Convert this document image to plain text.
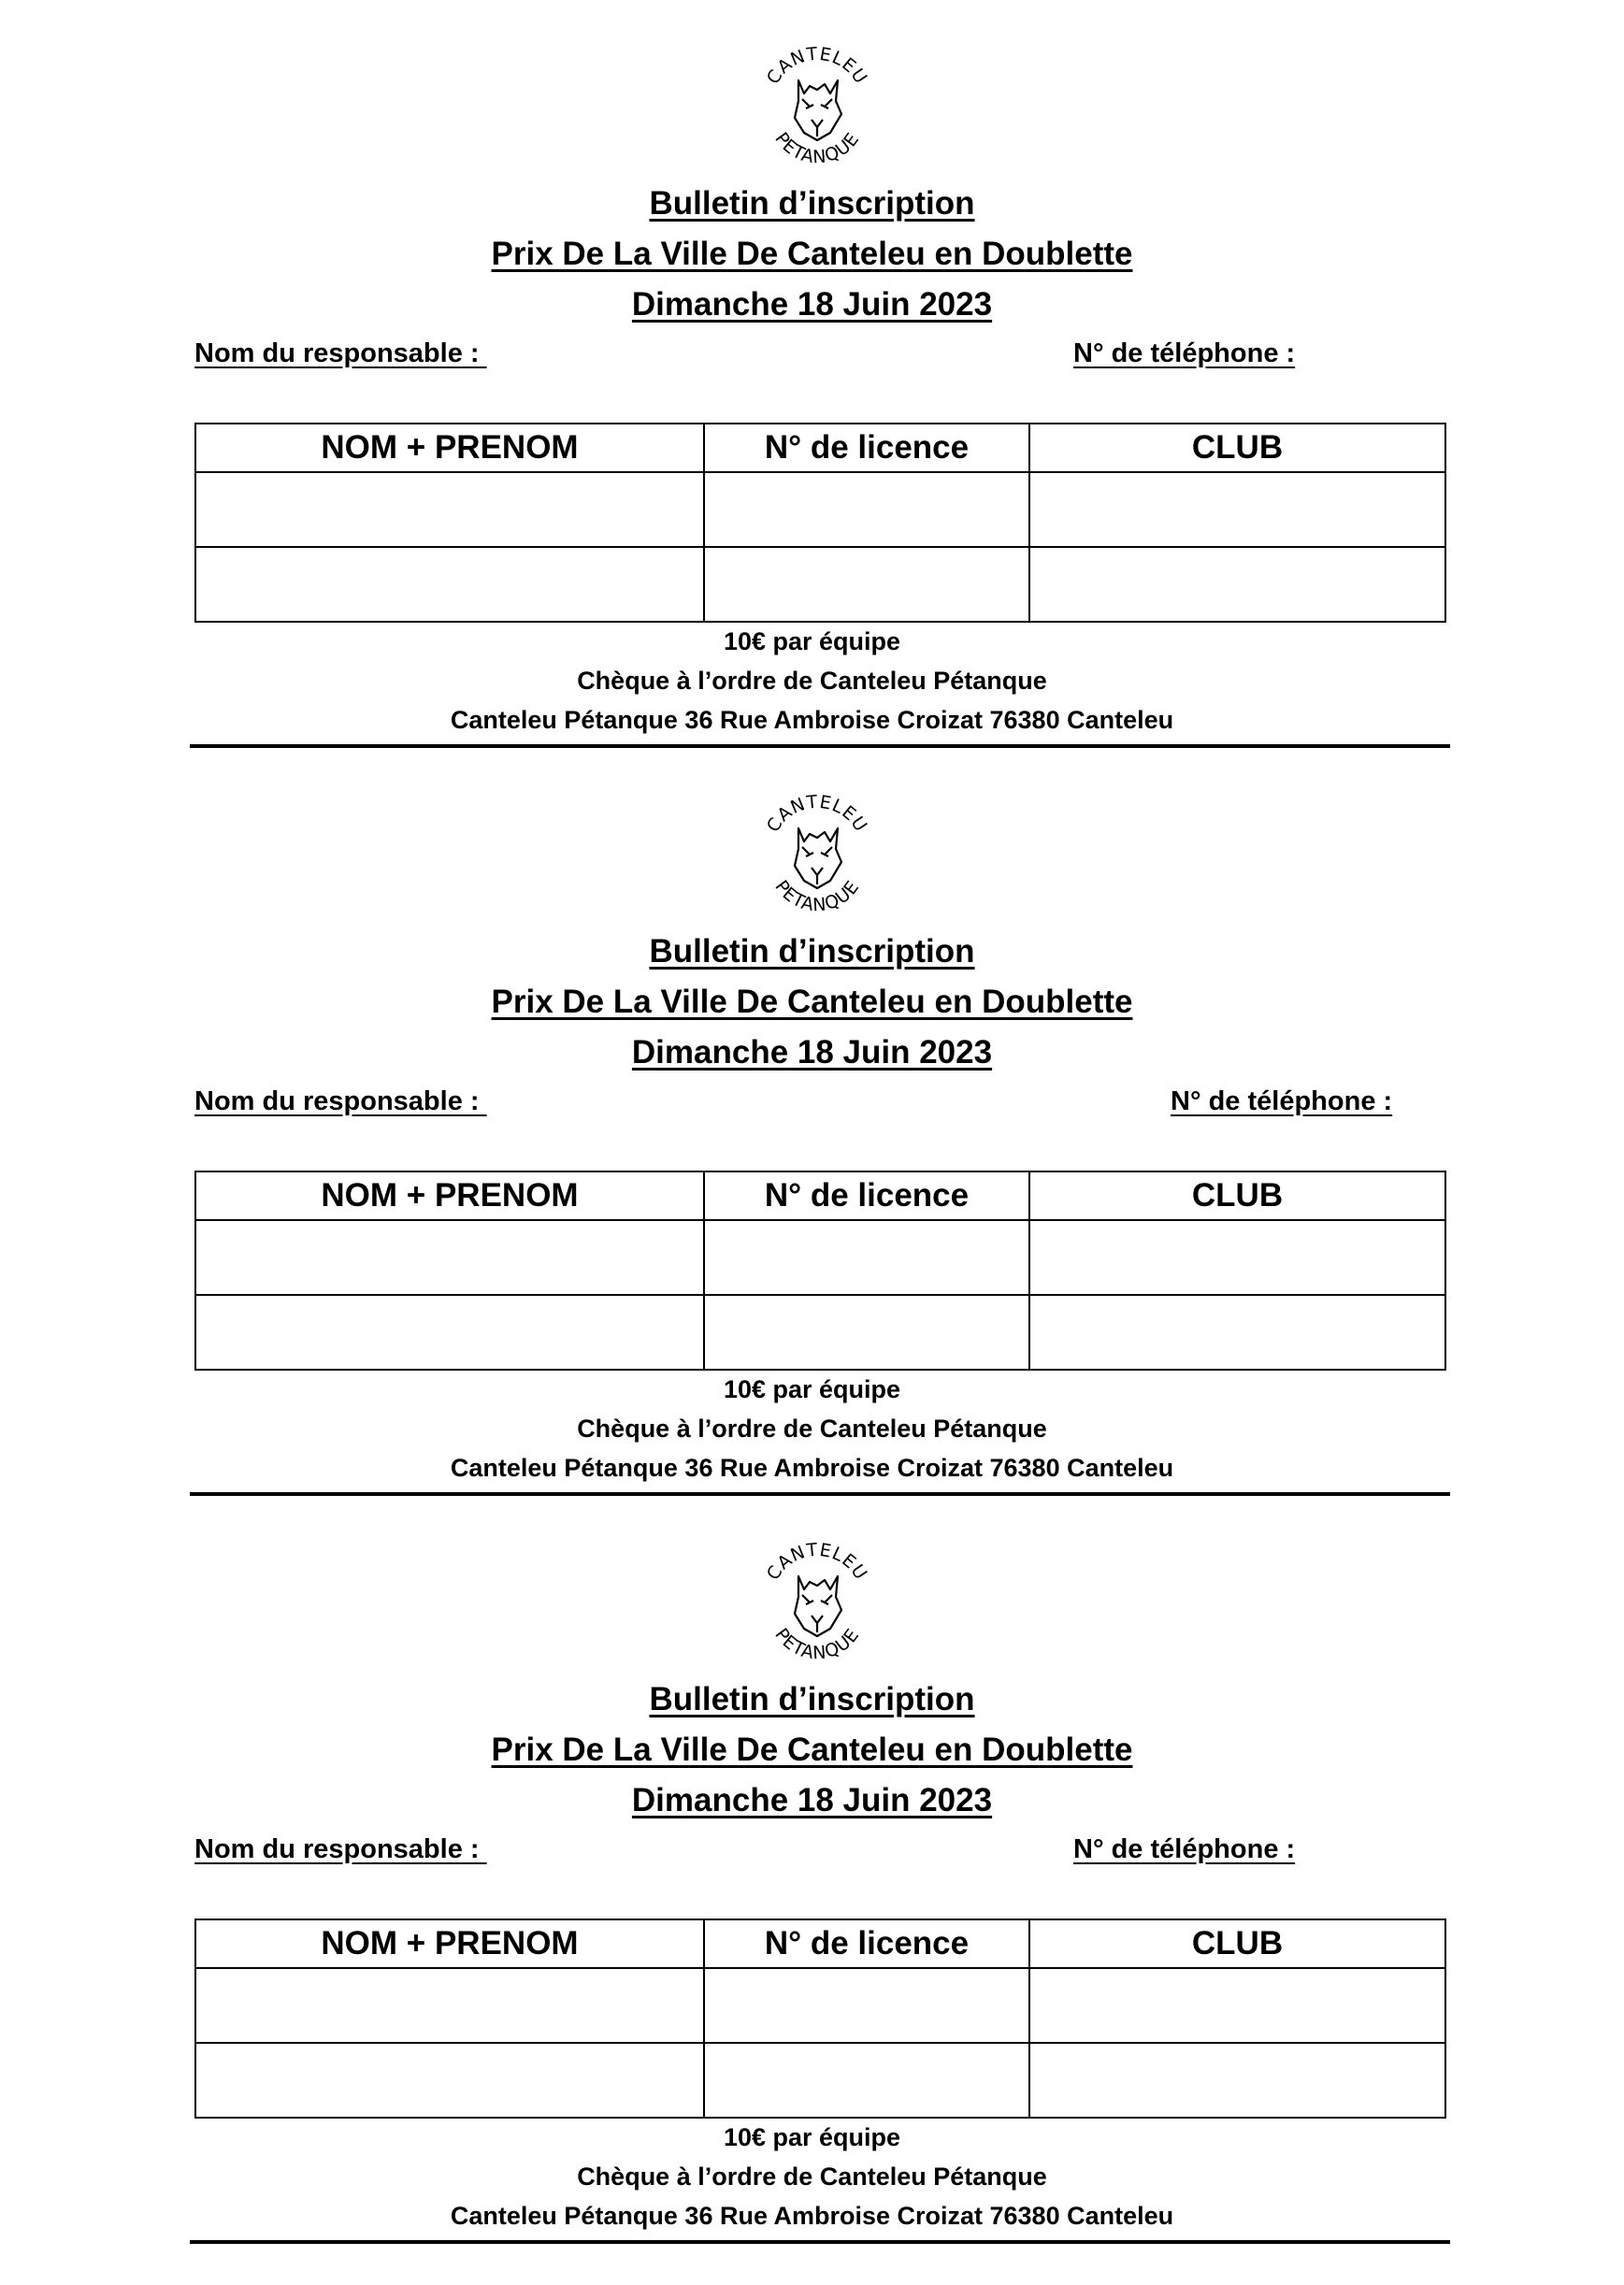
CANTELEU
PETANQUE
Bulletin d’inscription
Prix De La Ville De Canteleu en Doublette
Dimanche 18 Juin 2023
Nom du responsable :	N° de téléphone :
NOM + PRENOM	N° de licence	CLUB

10€ par équipe
Chèque à l’ordre de Canteleu Pétanque
Canteleu Pétanque 36 Rue Ambroise Croizat 76380 Canteleu
CANTELEU
PETANQUE
Bulletin d’inscription
Prix De La Ville De Canteleu en Doublette
Dimanche 18 Juin 2023
Nom du responsable :	N° de téléphone :
NOM + PRENOM	N° de licence	CLUB

10€ par équipe
Chèque à l’ordre de Canteleu Pétanque
Canteleu Pétanque 36 Rue Ambroise Croizat 76380 Canteleu
CANTELEU
PETANQUE
Bulletin d’inscription
Prix De La Ville De Canteleu en Doublette
Dimanche 18 Juin 2023
Nom du responsable :	N° de téléphone :
NOM + PRENOM	N° de licence	CLUB

10€ par équipe
Chèque à l’ordre de Canteleu Pétanque
Canteleu Pétanque 36 Rue Ambroise Croizat 76380 Canteleu
